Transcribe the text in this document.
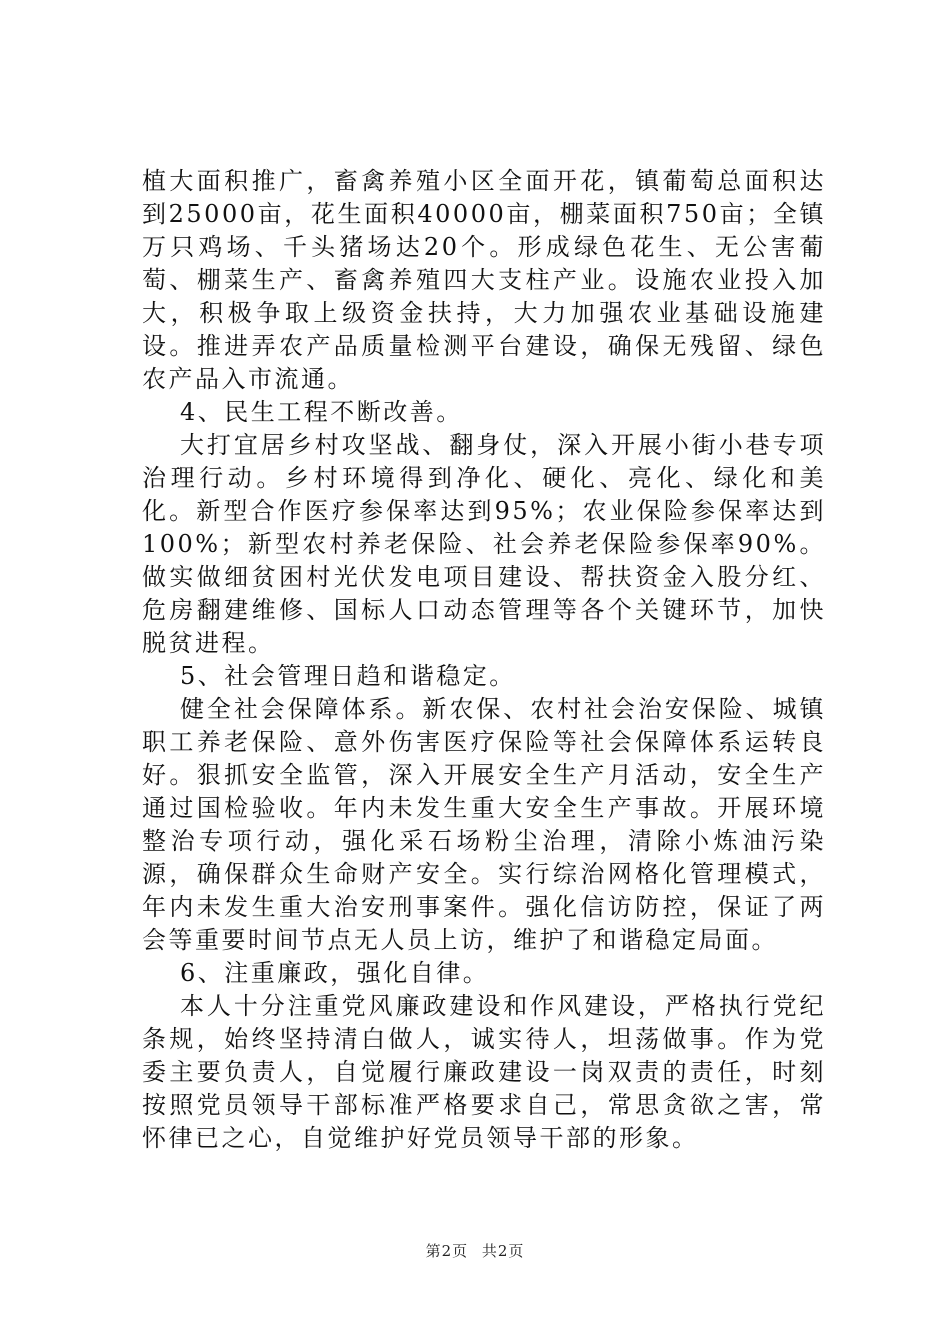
植大面积推广，畜禽养殖小区全面开花，镇葡萄总面积达到25000亩，花生面积40000亩，棚菜面积750亩；全镇万只鸡场、千头猪场达20个。形成绿色花生、无公害葡萄、棚菜生产、畜禽养殖四大支柱产业。设施农业投入加大，积极争取上级资金扶持，大力加强农业基础设施建设。推进弄农产品质量检测平台建设，确保无残留、绿色农产品入市流通。

4、民生工程不断改善。

大打宜居乡村攻坚战、翻身仗，深入开展小街小巷专项治理行动。乡村环境得到净化、硬化、亮化、绿化和美化。新型合作医疗参保率达到95%；农业保险参保率达到100%；新型农村养老保险、社会养老保险参保率90%。做实做细贫困村光伏发电项目建设、帮扶资金入股分红、危房翻建维修、国标人口动态管理等各个关键环节，加快脱贫进程。

5、社会管理日趋和谐稳定。

健全社会保障体系。新农保、农村社会治安保险、城镇职工养老保险、意外伤害医疗保险等社会保障体系运转良好。狠抓安全监管，深入开展安全生产月活动，安全生产通过国检验收。年内未发生重大安全生产事故。开展环境整治专项行动，强化采石场粉尘治理，清除小炼油污染源，确保群众生命财产安全。实行综治网格化管理模式，年内未发生重大治安刑事案件。强化信访防控，保证了两会等重要时间节点无人员上访，维护了和谐稳定局面。

6、注重廉政，强化自律。

本人十分注重党风廉政建设和作风建设，严格执行党纪条规，始终坚持清白做人，诚实待人，坦荡做事。作为党委主要负责人，自觉履行廉政建设一岗双责的责任，时刻按照党员领导干部标准严格要求自己，常思贪欲之害，常怀律已之心，自觉维护好党员领导干部的形象。

第2页 共2页
